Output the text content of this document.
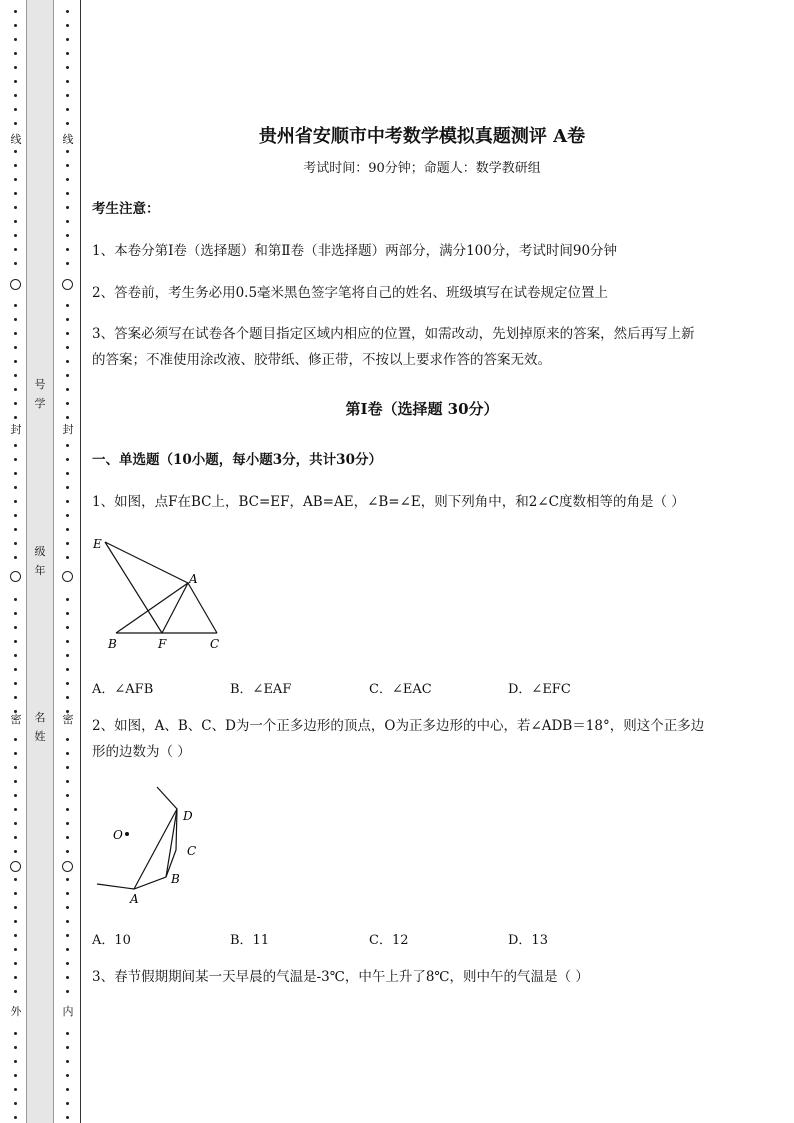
线
封
密
外
号
学
级
年
名
姓
线
封
密
内
贵州省安顺市中考数学模拟真题测评 A卷
考试时间：90分钟；命题人：数学教研组
考生注意：
1、本卷分第I卷（选择题）和第Ⅱ卷（非选择题）两部分，满分100分，考试时间90分钟
2、答卷前，考生务必用0.5毫米黑色签字笔将自己的姓名、班级填写在试卷规定位置上
3、答案必须写在试卷各个题目指定区域内相应的位置，如需改动，先划掉原来的答案，然后再写上新
的答案；不准使用涂改液、胶带纸、修正带，不按以上要求作答的答案无效。
第I卷（选择题 30分）
一、单选题（10小题，每小题3分，共计30分）
1、如图，点F在BC上，BC=EF，AB=AE，∠B=∠E，则下列角中，和2∠C度数相等的角是（ ）
E
A
B	F	C
A．∠AFB	B．∠EAF	C．∠EAC	D．∠EFC
2、如图，A、B、C、D为一个正多边形的顶点，O为正多边形的中心，若∠ADB＝18°，则这个正多边
形的边数为（ ）
D
O
C
B
A
A．10	B．11	C．12	D．13
3、春节假期期间某一天早晨的气温是-3℃，中午上升了8℃，则中午的气温是（ ）
